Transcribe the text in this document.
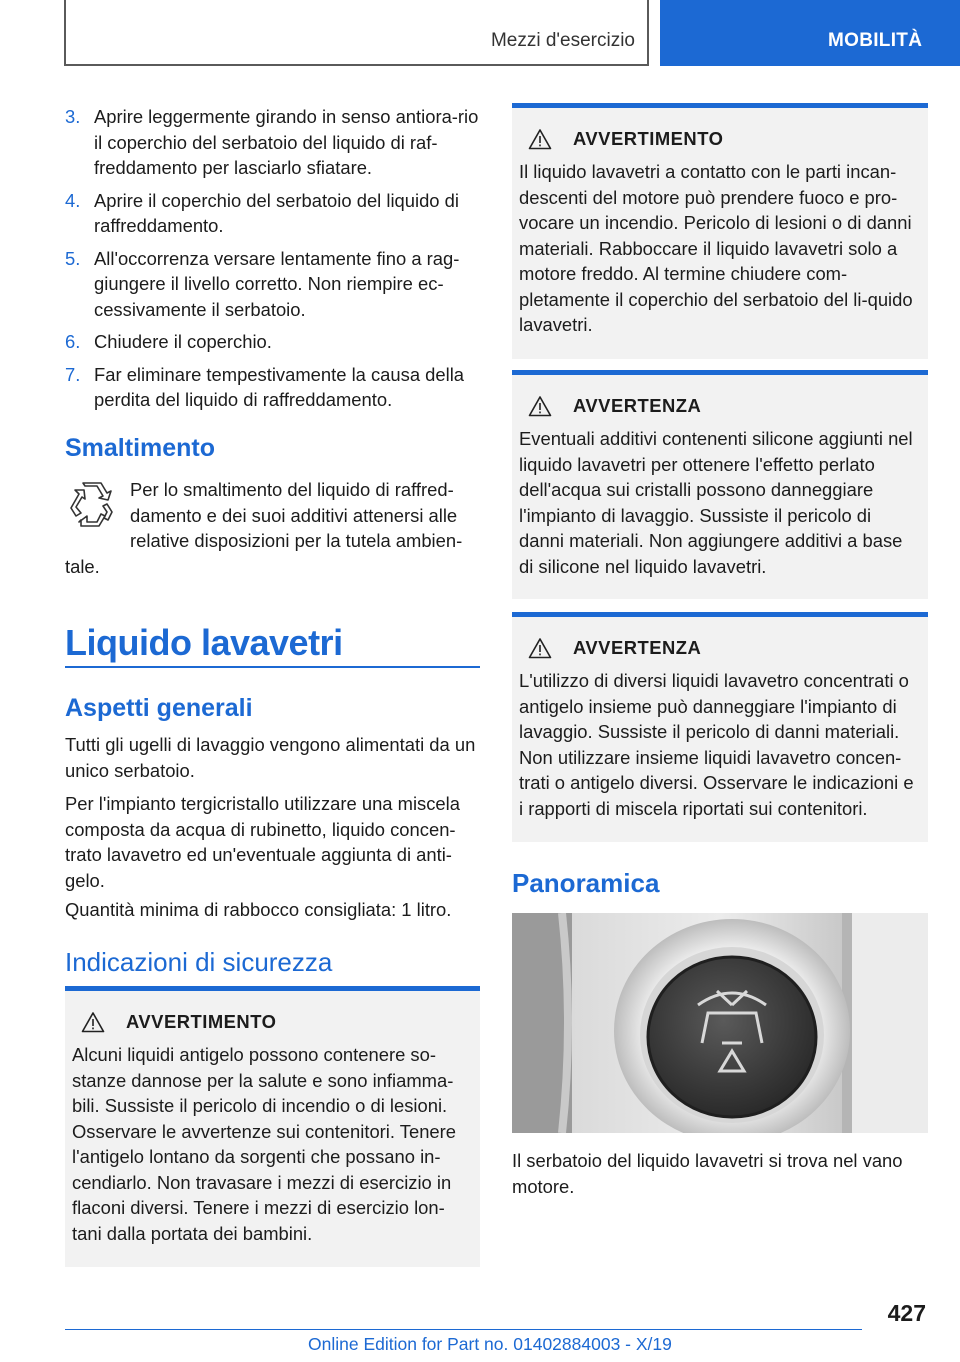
Mezzi d'esercizio	MOBILITÀ
3. Aprire leggermente girando in senso antiora-rio il coperchio del serbatoio del liquido di raf-freddamento per lasciarlo sfiatare.
4. Aprire il coperchio del serbatoio del liquido di raffreddamento.
5. All'occorrenza versare lentamente fino a rag-giungere il livello corretto. Non riempire ec-cessivamente il serbatoio.
6. Chiudere il coperchio.
7. Far eliminare tempestivamente la causa della perdita del liquido di raffreddamento.
Smaltimento
Per lo smaltimento del liquido di raffred-damento e dei suoi additivi attenersi alle relative disposizioni per la tutela ambien-tale.
Liquido lavavetri
Aspetti generali
Tutti gli ugelli di lavaggio vengono alimentati da un unico serbatoio.
Per l'impianto tergicristallo utilizzare una miscela composta da acqua di rubinetto, liquido concen-trato lavavetro ed un'eventuale aggiunta di anti-gelo.
Quantità minima di rabbocco consigliata: 1 litro.
Indicazioni di sicurezza
AVVERTIMENTO
Alcuni liquidi antigelo possono contenere so-stanze dannose per la salute e sono infiamma-bili. Sussiste il pericolo di incendio o di lesioni. Osservare le avvertenze sui contenitori. Tenere l'antigelo lontano da sorgenti che possano in-cendiarlo. Non travasare i mezzi di esercizio in flaconi diversi. Tenere i mezzi di esercizio lon-tani dalla portata dei bambini.
AVVERTIMENTO
Il liquido lavavetri a contatto con le parti incan-descenti del motore può prendere fuoco e pro-vocare un incendio. Pericolo di lesioni o di danni materiali. Rabboccare il liquido lavavetri solo a motore freddo. Al termine chiudere com-pletamente il coperchio del serbatoio del li-quido lavavetri.
AVVERTENZA
Eventuali additivi contenenti silicone aggiunti nel liquido lavavetri per ottenere l'effetto perlato dell'acqua sui cristalli possono danneggiare l'impianto di lavaggio. Sussiste il pericolo di danni materiali. Non aggiungere additivi a base di silicone nel liquido lavavetri.
AVVERTENZA
L'utilizzo di diversi liquidi lavavetro concentrati o antigelo insieme può danneggiare l'impianto di lavaggio. Sussiste il pericolo di danni materiali. Non utilizzare insieme liquidi lavavetro concen-trati o antigelo diversi. Osservare le indicazioni e i rapporti di miscela riportati sui contenitori.
Panoramica
Il serbatoio del liquido lavavetri si trova nel vano motore.
427
Online Edition for Part no. 01402884003 - X/19
